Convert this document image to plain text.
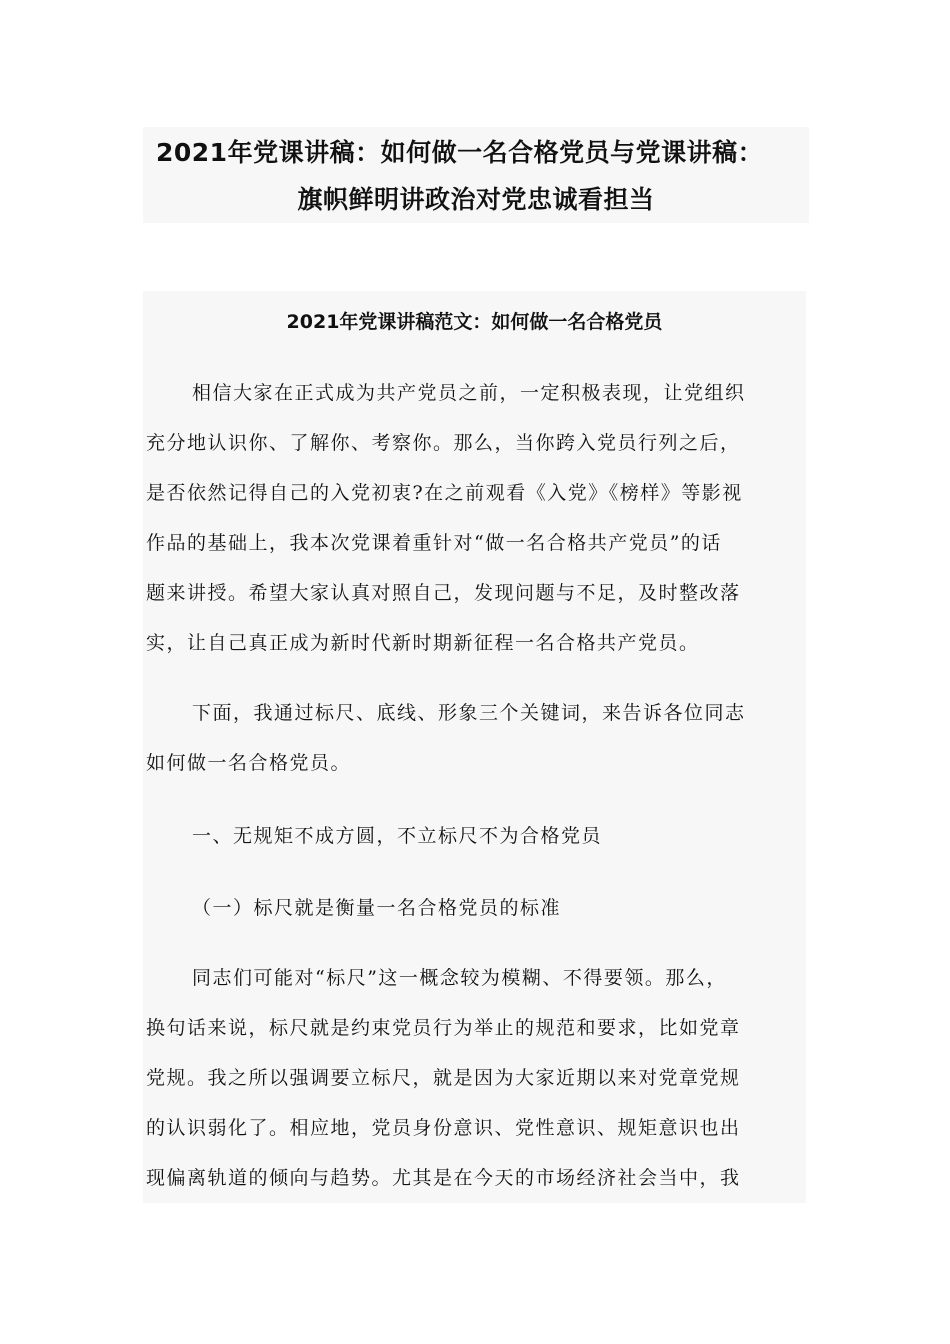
2021年党课讲稿：如何做一名合格党员与党课讲稿：
旗帜鲜明讲政治对党忠诚看担当
2021年党课讲稿范文：如何做一名合格党员
相信大家在正式成为共产党员之前，一定积极表现，让党组织
充分地认识你、了解你、考察你。那么，当你跨入党员行列之后，
是否依然记得自己的入党初衷?在之前观看《入党》《榜样》等影视
作品的基础上，我本次党课着重针对“做一名合格共产党员”的话
题来讲授。希望大家认真对照自己，发现问题与不足，及时整改落
实，让自己真正成为新时代新时期新征程一名合格共产党员。
下面，我通过标尺、底线、形象三个关键词，来告诉各位同志
如何做一名合格党员。
一、无规矩不成方圆，不立标尺不为合格党员
（一）标尺就是衡量一名合格党员的标准
同志们可能对“标尺”这一概念较为模糊、不得要领。那么，
换句话来说，标尺就是约束党员行为举止的规范和要求，比如党章
党规。我之所以强调要立标尺，就是因为大家近期以来对党章党规
的认识弱化了。相应地，党员身份意识、党性意识、规矩意识也出
现偏离轨道的倾向与趋势。尤其是在今天的市场经济社会当中，我
